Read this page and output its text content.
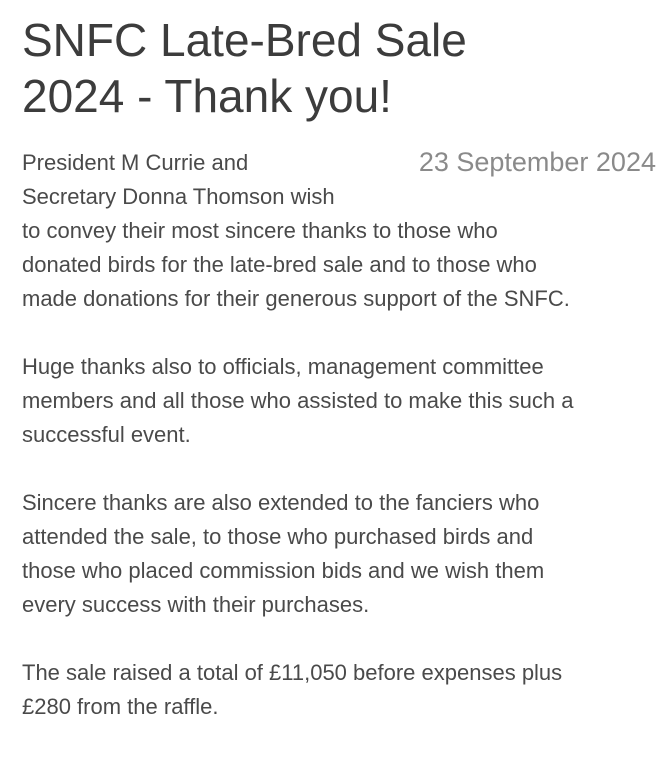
SNFC Late-Bred Sale
2024 - Thank you!
23 September 2024

President M Currie and
Secretary Donna Thomson wish
to convey their most sincere thanks to those who
donated birds for the late-bred sale and to those who
made donations for their generous support of the SNFC.

Huge thanks also to officials, management committee
members and all those who assisted to make this such a
successful event.

Sincere thanks are also extended to the fanciers who
attended the sale, to those who purchased birds and
those who placed commission bids and we wish them
every success with their purchases.

The sale raised a total of £11,050 before expenses plus
£280 from the raffle.
